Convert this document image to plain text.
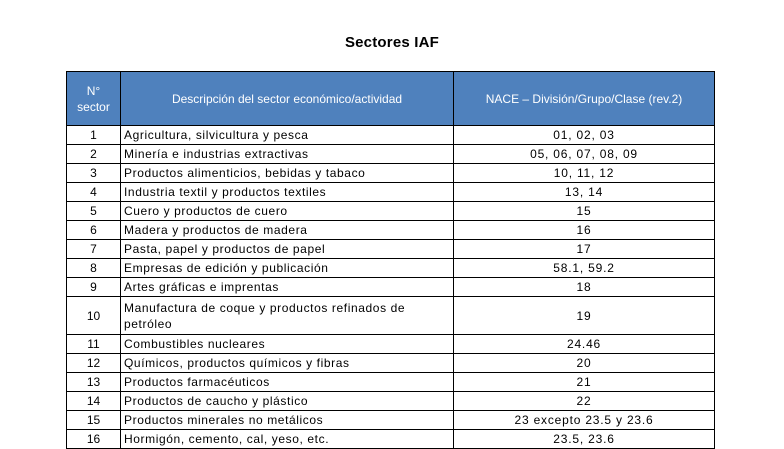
Sectores IAF
N° sector	Descripción del sector económico/actividad	NACE – División/Grupo/Clase (rev.2)
1	Agricultura, silvicultura y pesca	01, 02, 03
2	Minería e industrias extractivas	05, 06, 07, 08, 09
3	Productos alimenticios, bebidas y tabaco	10, 11, 12
4	Industria textil y productos textiles	13, 14
5	Cuero y productos de cuero	15
6	Madera y productos de madera	16
7	Pasta, papel y productos de papel	17
8	Empresas de edición y publicación	58.1, 59.2
9	Artes gráficas e imprentas	18
10	Manufactura de coque y productos refinados de petróleo	19
11	Combustibles nucleares	24.46
12	Químicos, productos químicos y fibras	20
13	Productos farmacéuticos	21
14	Productos de caucho y plástico	22
15	Productos minerales no metálicos	23 excepto 23.5 y 23.6
16	Hormigón, cemento, cal, yeso, etc.	23.5, 23.6
